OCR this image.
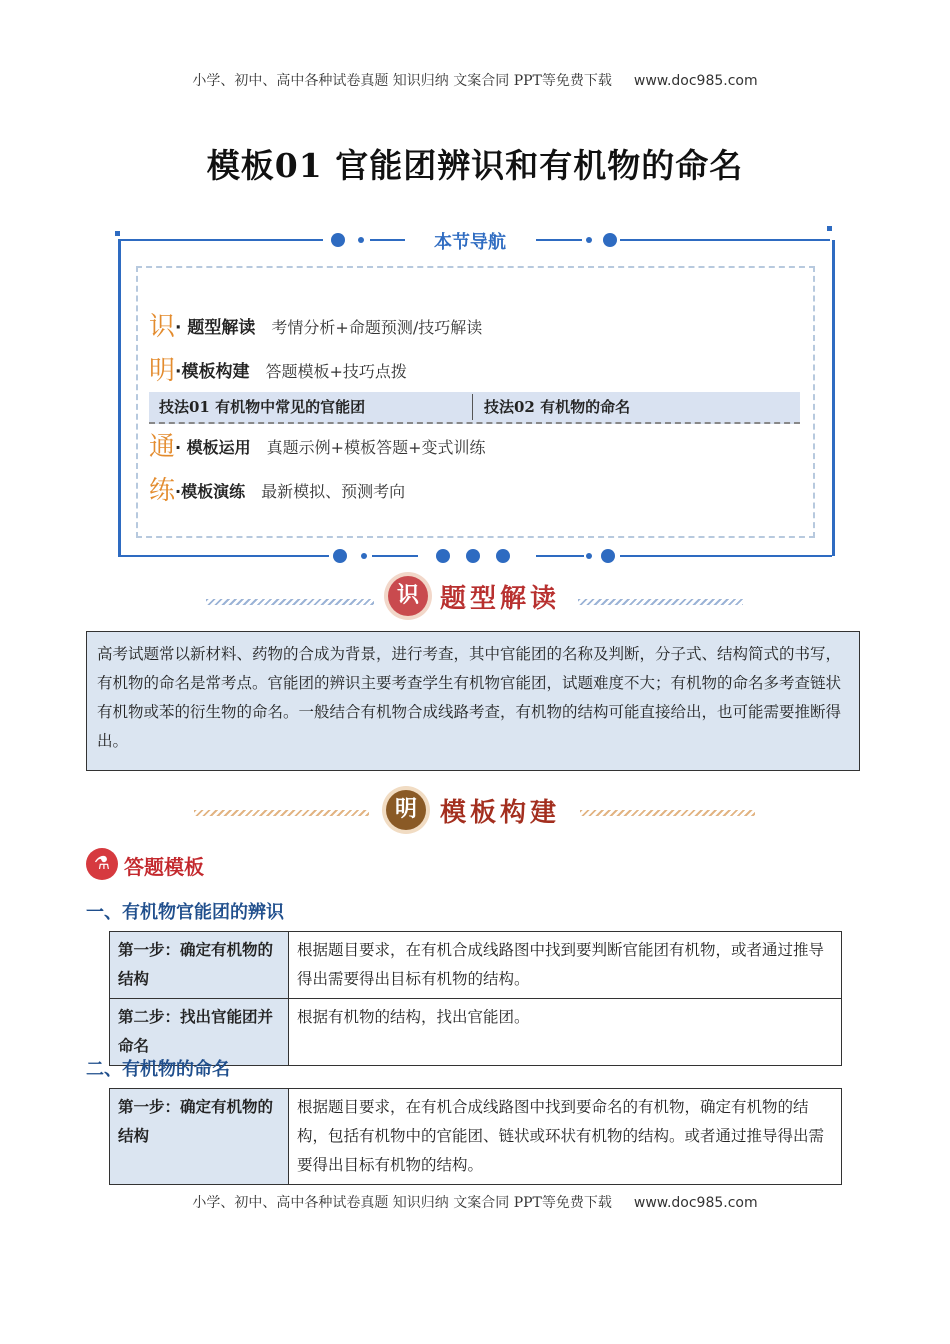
小学、初中、高中各种试卷真题 知识归纳 文案合同 PPT等免费下载 www.doc985.com
模板01 官能团辨识和有机物的命名
本节导航
识· 题型解读 考情分析+命题预测/技巧解读
明·模板构建 答题模板+技巧点拨
技法01 有机物中常见的官能团	技法02 有机物的命名
通· 模板运用 真题示例+模板答题+变式训练
练·模板演练 最新模拟、预测考向
识 题型解读
高考试题常以新材料、药物的合成为背景，进行考查，其中官能团的名称及判断，分子式、结构简式的书写，有机物的命名是常考点。官能团的辨识主要考查学生有机物官能团，试题难度不大；有机物的命名多考查链状有机物或苯的衍生物的命名。一般结合有机物合成线路考查，有机物的结构可能直接给出，也可能需要推断得出。
明 模板构建
⚗ 答题模板
一、有机物官能团的辨识
第一步：确定有机物的结构	根据题目要求，在有机合成线路图中找到要判断官能团有机物，或者通过推导得出需要得出目标有机物的结构。
第二步：找出官能团并命名	根据有机物的结构，找出官能团。
二、有机物的命名
第一步：确定有机物的结构	根据题目要求，在有机合成线路图中找到要命名的有机物，确定有机物的结构，包括有机物中的官能团、链状或环状有机物的结构。或者通过推导得出需要得出目标有机物的结构。
小学、初中、高中各种试卷真题 知识归纳 文案合同 PPT等免费下载 www.doc985.com
